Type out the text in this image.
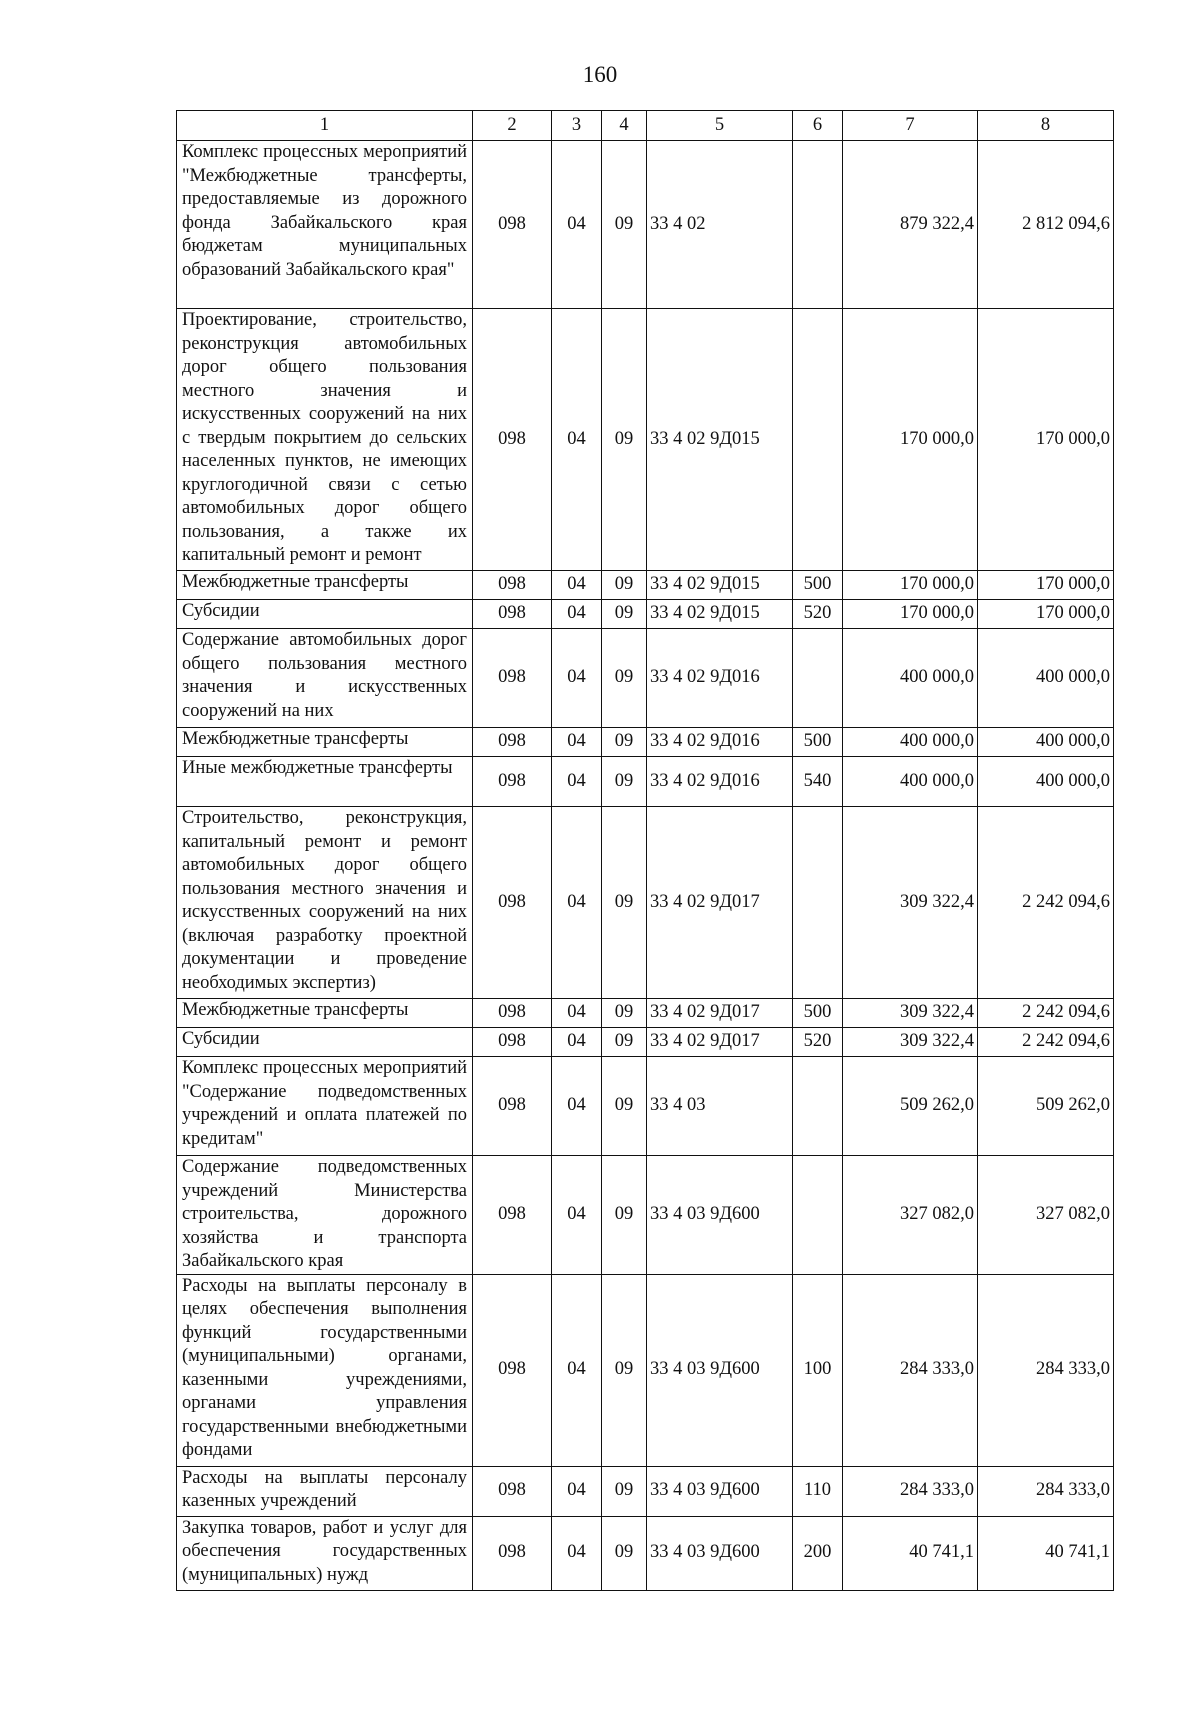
160
1	2	3	4	5	6	7	8
Комплекс процессных мероприятий "Межбюджетные трансферты, предоставляемые из дорожного фонда Забайкальского края бюджетам муниципальных образований Забайкальского края"	098	04	09	33 4 02		879 322,4	2 812 094,6
Проектирование, строительство, реконструкция автомобильных дорог общего пользования местного значения и искусственных сооружений на них с твердым покрытием до сельских населенных пунктов, не имеющих круглогодичной связи с сетью автомобильных дорог общего пользования, а также их капитальный ремонт и ремонт	098	04	09	33 4 02 9Д015		170 000,0	170 000,0
Межбюджетные трансферты	098	04	09	33 4 02 9Д015	500	170 000,0	170 000,0
Субсидии	098	04	09	33 4 02 9Д015	520	170 000,0	170 000,0
Содержание автомобильных дорог общего пользования местного значения и искусственных сооружений на них	098	04	09	33 4 02 9Д016		400 000,0	400 000,0
Межбюджетные трансферты	098	04	09	33 4 02 9Д016	500	400 000,0	400 000,0
Иные межбюджетные трансферты	098	04	09	33 4 02 9Д016	540	400 000,0	400 000,0
Строительство, реконструкция, капитальный ремонт и ремонт автомобильных дорог общего пользования местного значения и искусственных сооружений на них (включая разработку проектной документации и проведение необходимых экспертиз)	098	04	09	33 4 02 9Д017		309 322,4	2 242 094,6
Межбюджетные трансферты	098	04	09	33 4 02 9Д017	500	309 322,4	2 242 094,6
Субсидии	098	04	09	33 4 02 9Д017	520	309 322,4	2 242 094,6
Комплекс процессных мероприятий "Содержание подведомственных учреждений и оплата платежей по кредитам"	098	04	09	33 4 03		509 262,0	509 262,0
Содержание подведомственных учреждений Министерства строительства, дорожного хозяйства и транспорта Забайкальского края	098	04	09	33 4 03 9Д600		327 082,0	327 082,0
Расходы на выплаты персоналу в целях обеспечения выполнения функций государственными (муниципальными) органами, казенными учреждениями, органами управления государственными внебюджетными фондами	098	04	09	33 4 03 9Д600	100	284 333,0	284 333,0
Расходы на выплаты персоналу казенных учреждений	098	04	09	33 4 03 9Д600	110	284 333,0	284 333,0
Закупка товаров, работ и услуг для обеспечения государственных (муниципальных) нужд	098	04	09	33 4 03 9Д600	200	40 741,1	40 741,1
